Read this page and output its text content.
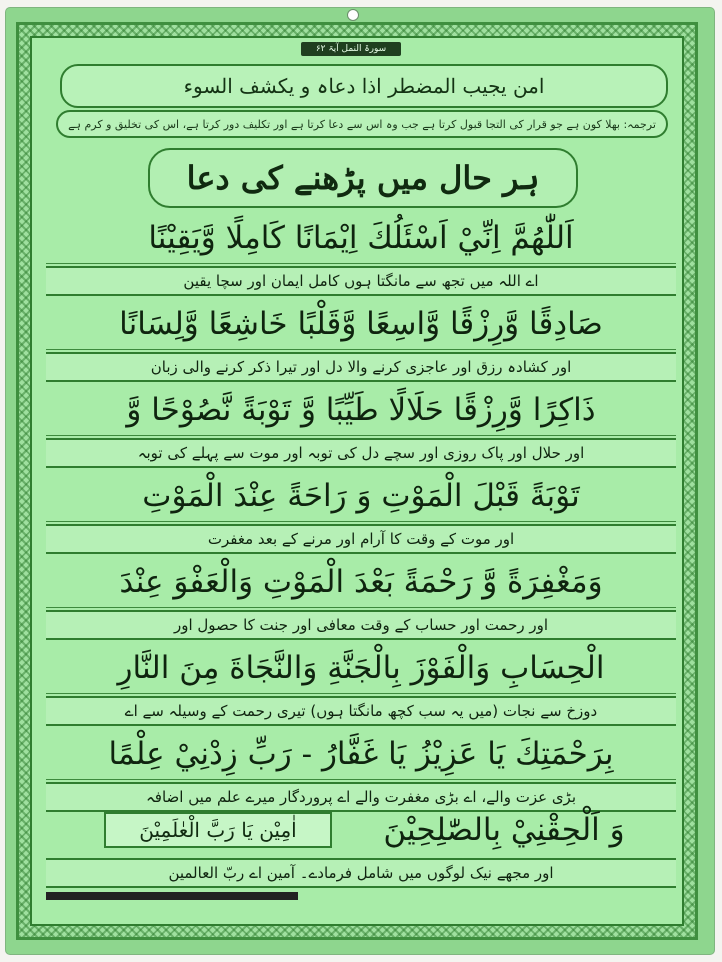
سورۃ النمل آیۃ ۶۲
امن یجیب المضطر اذا دعاہ و یکشف السوء
ترجمہ: بھلا کون ہے جو قرار کی التجا قبول کرتا ہے جب وہ اس سے دعا کرتا ہے اور تکلیف دور کرتا ہے، اس کی تخلیق و کرم ہے
ہر حال میں پڑھنے کی دعا
اَللّٰهُمَّ اِنِّيْ اَسْئَلُكَ اِيْمَانًا كَامِلًا وَّيَقِيْنًا
اے اللہ میں تجھ سے مانگتا ہوں کامل ایمان اور سچا یقین
صَادِقًا وَّرِزْقًا وَّاسِعًا وَّقَلْبًا خَاشِعًا وَّلِسَانًا
اور کشادہ رزق اور عاجزی کرنے والا دل اور تیرا ذکر کرنے والی زبان
ذَاكِرًا وَّرِزْقًا حَلَالًا طَيِّبًا وَّ تَوْبَةً نَّصُوْحًا وَّ
اور حلال اور پاک روزی اور سچے دل کی توبہ اور موت سے پہلے کی توبہ
تَوْبَةً قَبْلَ الْمَوْتِ وَ رَاحَةً عِنْدَ الْمَوْتِ
اور موت کے وقت کا آرام اور مرنے کے بعد مغفرت
وَمَغْفِرَةً وَّ رَحْمَةً بَعْدَ الْمَوْتِ وَالْعَفْوَ عِنْدَ
اور رحمت اور حساب کے وقت معافی اور جنت کا حصول اور
الْحِسَابِ وَالْفَوْزَ بِالْجَنَّةِ وَالنَّجَاةَ مِنَ النَّارِ
دوزخ سے نجات (میں یہ سب کچھ مانگتا ہوں) تیری رحمت کے وسیلہ سے اے
بِرَحْمَتِكَ يَا عَزِيْزُ يَا غَفَّارُ - رَبِّ زِدْنِيْ عِلْمًا
بڑی عزت والے، اے بڑی مغفرت والے اے پروردگار میرے علم میں اضافہ
وَ اَلْحِقْنِيْ بِالصّٰلِحِيْنَ
اٰمِيْن يَا رَبَّ الْعٰلَمِيْنَ
اور مجھے نیک لوگوں میں شامل فرمادے۔ آمین اے ربّ العالمین
